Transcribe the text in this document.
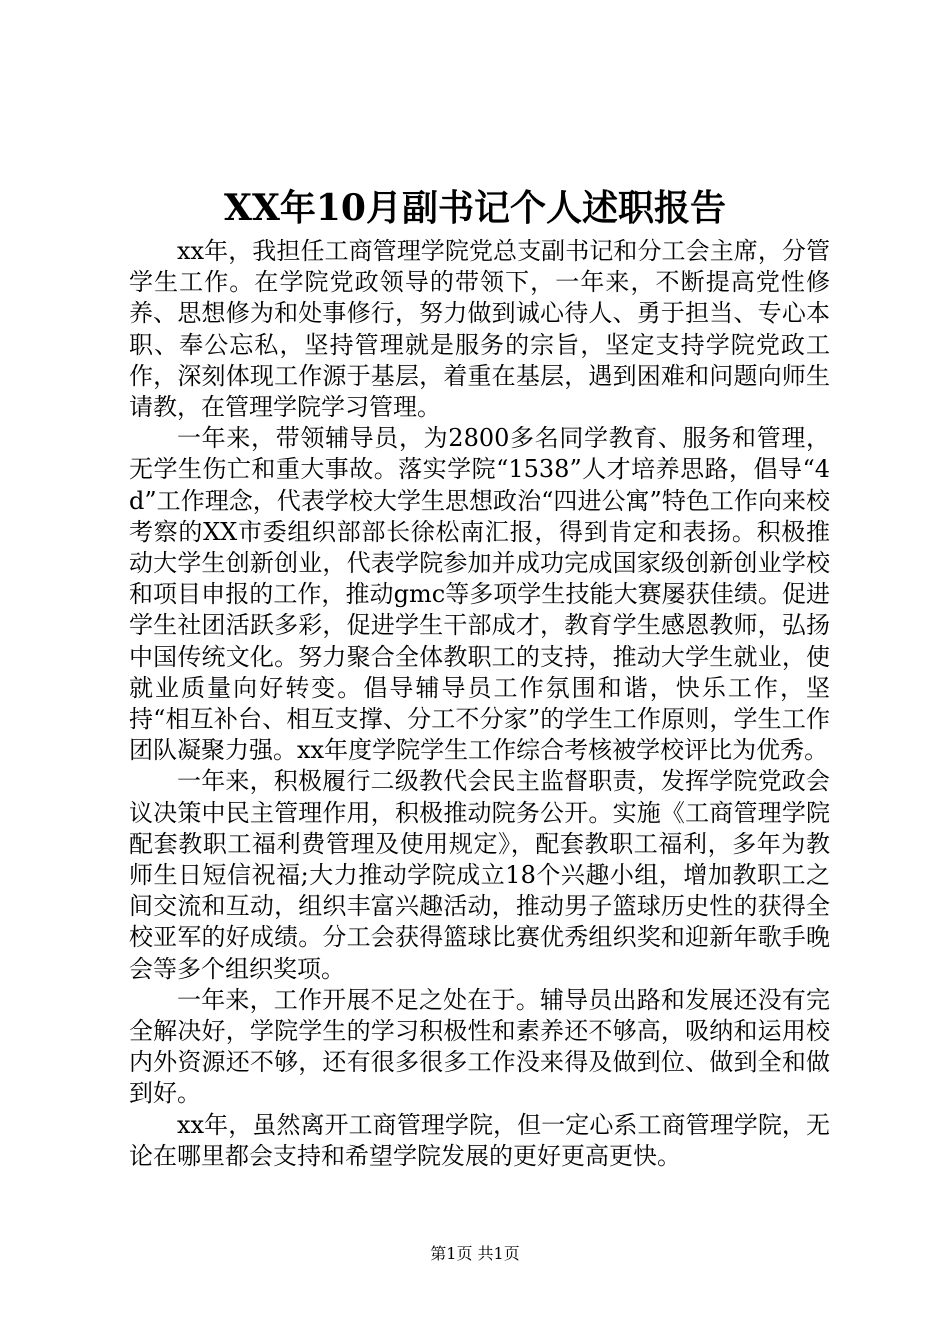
XX年10月副书记个人述职报告

xx年，我担任工商管理学院党总支副书记和分工会主席，分管学生工作。在学院党政领导的带领下，一年来，不断提高党性修养、思想修为和处事修行，努力做到诚心待人、勇于担当、专心本职、奉公忘私，坚持管理就是服务的宗旨，坚定支持学院党政工作，深刻体现工作源于基层，着重在基层，遇到困难和问题向师生请教，在管理学院学习管理。

一年来，带领辅导员，为2800多名同学教育、服务和管理，无学生伤亡和重大事故。落实学院“1538”人才培养思路，倡导“4d”工作理念，代表学校大学生思想政治“四进公寓”特色工作向来校考察的XX市委组织部部长徐松南汇报，得到肯定和表扬。积极推动大学生创新创业，代表学院参加并成功完成国家级创新创业学校和项目申报的工作，推动gmc等多项学生技能大赛屡获佳绩。促进学生社团活跃多彩，促进学生干部成才，教育学生感恩教师，弘扬中国传统文化。努力聚合全体教职工的支持，推动大学生就业，使就业质量向好转变。倡导辅导员工作氛围和谐，快乐工作，坚持“相互补台、相互支撑、分工不分家”的学生工作原则，学生工作团队凝聚力强。xx年度学院学生工作综合考核被学校评比为优秀。

一年来，积极履行二级教代会民主监督职责，发挥学院党政会议决策中民主管理作用，积极推动院务公开。实施《工商管理学院配套教职工福利费管理及使用规定》，配套教职工福利，多年为教师生日短信祝福;大力推动学院成立18个兴趣小组，增加教职工之间交流和互动，组织丰富兴趣活动，推动男子篮球历史性的获得全校亚军的好成绩。分工会获得篮球比赛优秀组织奖和迎新年歌手晚会等多个组织奖项。

一年来，工作开展不足之处在于。辅导员出路和发展还没有完全解决好，学院学生的学习积极性和素养还不够高，吸纳和运用校内外资源还不够，还有很多很多工作没来得及做到位、做到全和做到好。

xx年，虽然离开工商管理学院，但一定心系工商管理学院，无论在哪里都会支持和希望学院发展的更好更高更快。

第1页 共1页
